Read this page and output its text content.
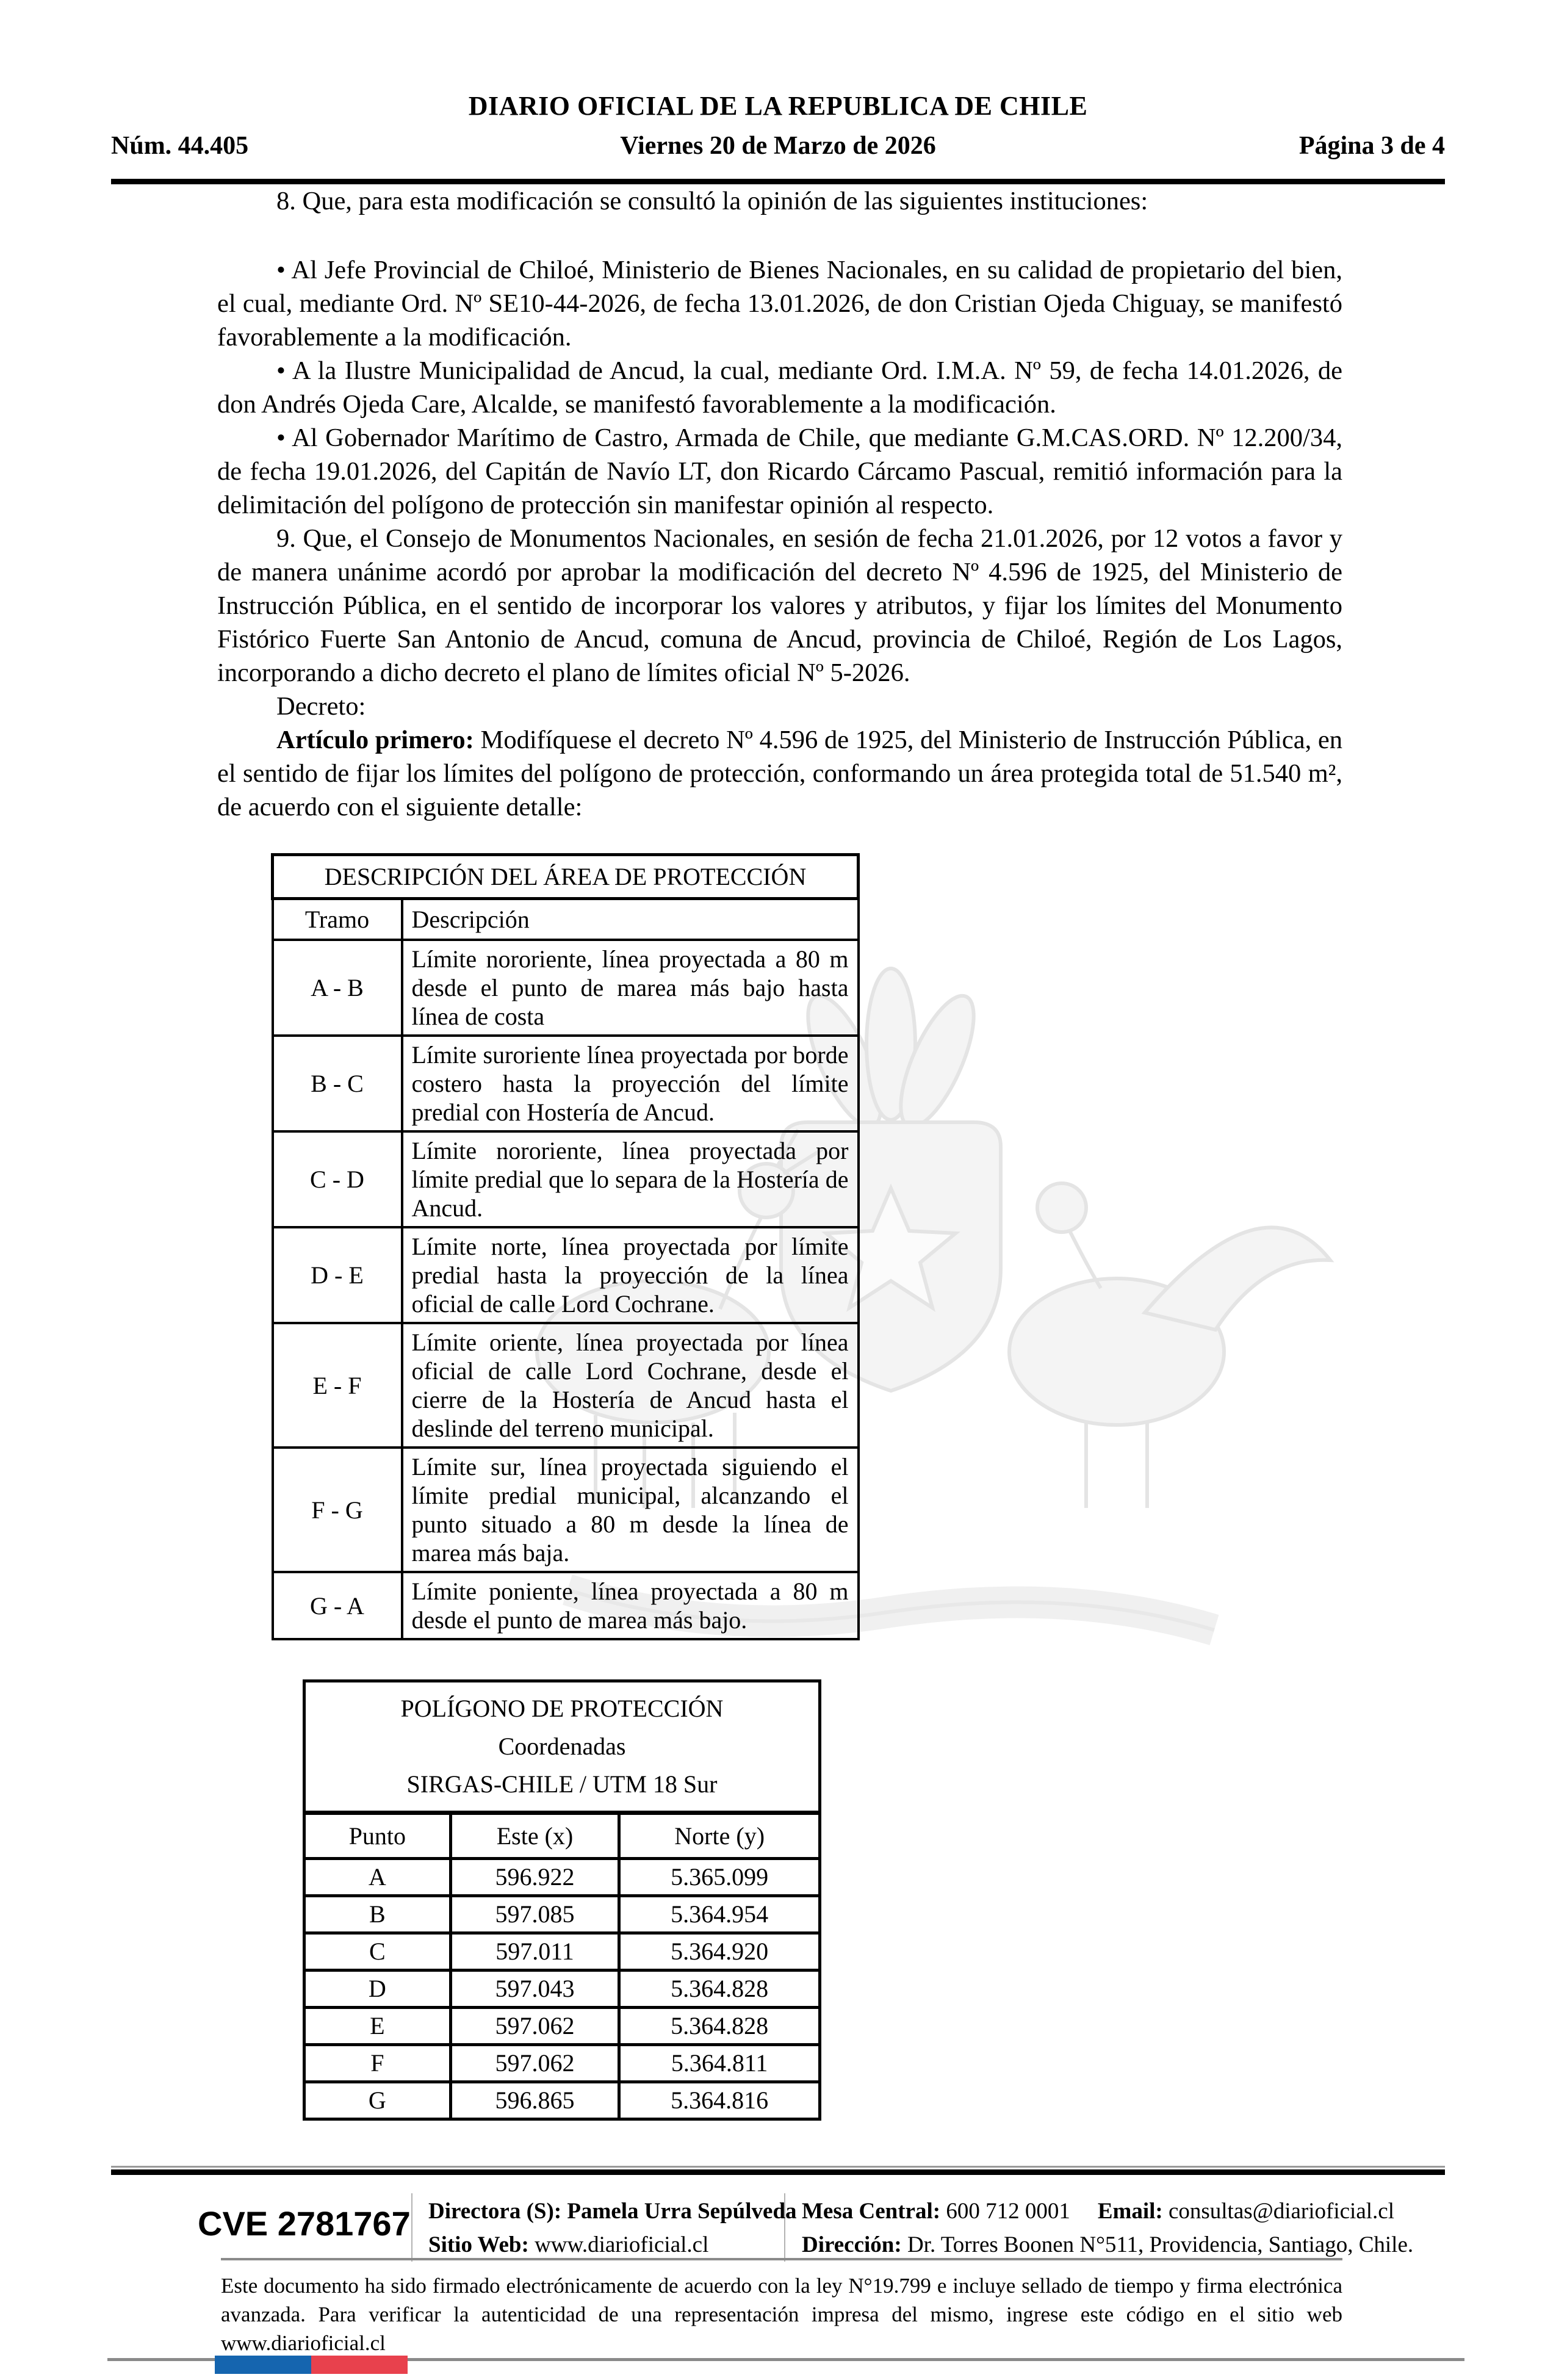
DIARIO OFICIAL DE LA REPUBLICA DE CHILE
Núm. 44.405	Viernes 20 de Marzo de 2026	Página 3 de 4

8. Que, para esta modificación se consultó la opinión de las siguientes instituciones:

• Al Jefe Provincial de Chiloé, Ministerio de Bienes Nacionales, en su calidad de propietario del bien, el cual, mediante Ord. Nº SE10-44-2026, de fecha 13.01.2026, de don Cristian Ojeda Chiguay, se manifestó favorablemente a la modificación.

• A la Ilustre Municipalidad de Ancud, la cual, mediante Ord. I.M.A. Nº 59, de fecha 14.01.2026, de don Andrés Ojeda Care, Alcalde, se manifestó favorablemente a la modificación.

• Al Gobernador Marítimo de Castro, Armada de Chile, que mediante G.M.CAS.ORD. Nº 12.200/34, de fecha 19.01.2026, del Capitán de Navío LT, don Ricardo Cárcamo Pascual, remitió información para la delimitación del polígono de protección sin manifestar opinión al respecto.

9. Que, el Consejo de Monumentos Nacionales, en sesión de fecha 21.01.2026, por 12 votos a favor y de manera unánime acordó por aprobar la modificación del decreto Nº 4.596 de 1925, del Ministerio de Instrucción Pública, en el sentido de incorporar los valores y atributos, y fijar los límites del Monumento Fistórico Fuerte San Antonio de Ancud, comuna de Ancud, provincia de Chiloé, Región de Los Lagos, incorporando a dicho decreto el plano de límites oficial Nº 5-2026.

Decreto:

Artículo primero: Modifíquese el decreto Nº 4.596 de 1925, del Ministerio de Instrucción Pública, en el sentido de fijar los límites del polígono de protección, conformando un área protegida total de 51.540 m², de acuerdo con el siguiente detalle:

DESCRIPCIÓN DEL ÁREA DE PROTECCIÓN	
Tramo	Descripción
A - B	Límite nororiente, línea proyectada a 80 m desde el punto de marea más bajo hasta línea de costa
B - C	Límite suroriente línea proyectada por borde costero hasta la proyección del límite predial con Hostería de Ancud.
C - D	Límite nororiente, línea proyectada por límite predial que lo separa de la Hostería de Ancud.
D - E	Límite norte, línea proyectada por límite predial hasta la proyección de la línea oficial de calle Lord Cochrane.
E - F	Límite oriente, línea proyectada por línea oficial de calle Lord Cochrane, desde el cierre de la Hostería de Ancud hasta el deslinde del terreno municipal.
F - G	Límite sur, línea proyectada siguiendo el límite predial municipal, alcanzando el punto situado a 80 m desde la línea de marea más baja.
G - A	Límite poniente, línea proyectada a 80 m desde el punto de marea más bajo.
POLÍGONO DE PROTECCIÓN
Coordenadas
SIRGAS-CHILE / UTM 18 Sur		

Punto	Este (x)	Norte (y)
A	596.922	5.365.099
B	597.085	5.364.954
C	597.011	5.364.920
D	597.043	5.364.828
E	597.062	5.364.828
F	597.062	5.364.811
G	596.865	5.364.816
CVE 2781767 Directora (S): Pamela Urra Sepúlveda
Sitio Web: www.diarioficial.cl
Mesa Central: 600 712 0001 Email: consultas@diarioficial.cl
Dirección: Dr. Torres Boonen N°511, Providencia, Santiago, Chile.
Este documento ha sido firmado electrónicamente de acuerdo con la ley N°19.799 e incluye sellado de tiempo y firma electrónica avanzada. Para verificar la autenticidad de una representación impresa del mismo, ingrese este código en el sitio web www.diarioficial.cl
